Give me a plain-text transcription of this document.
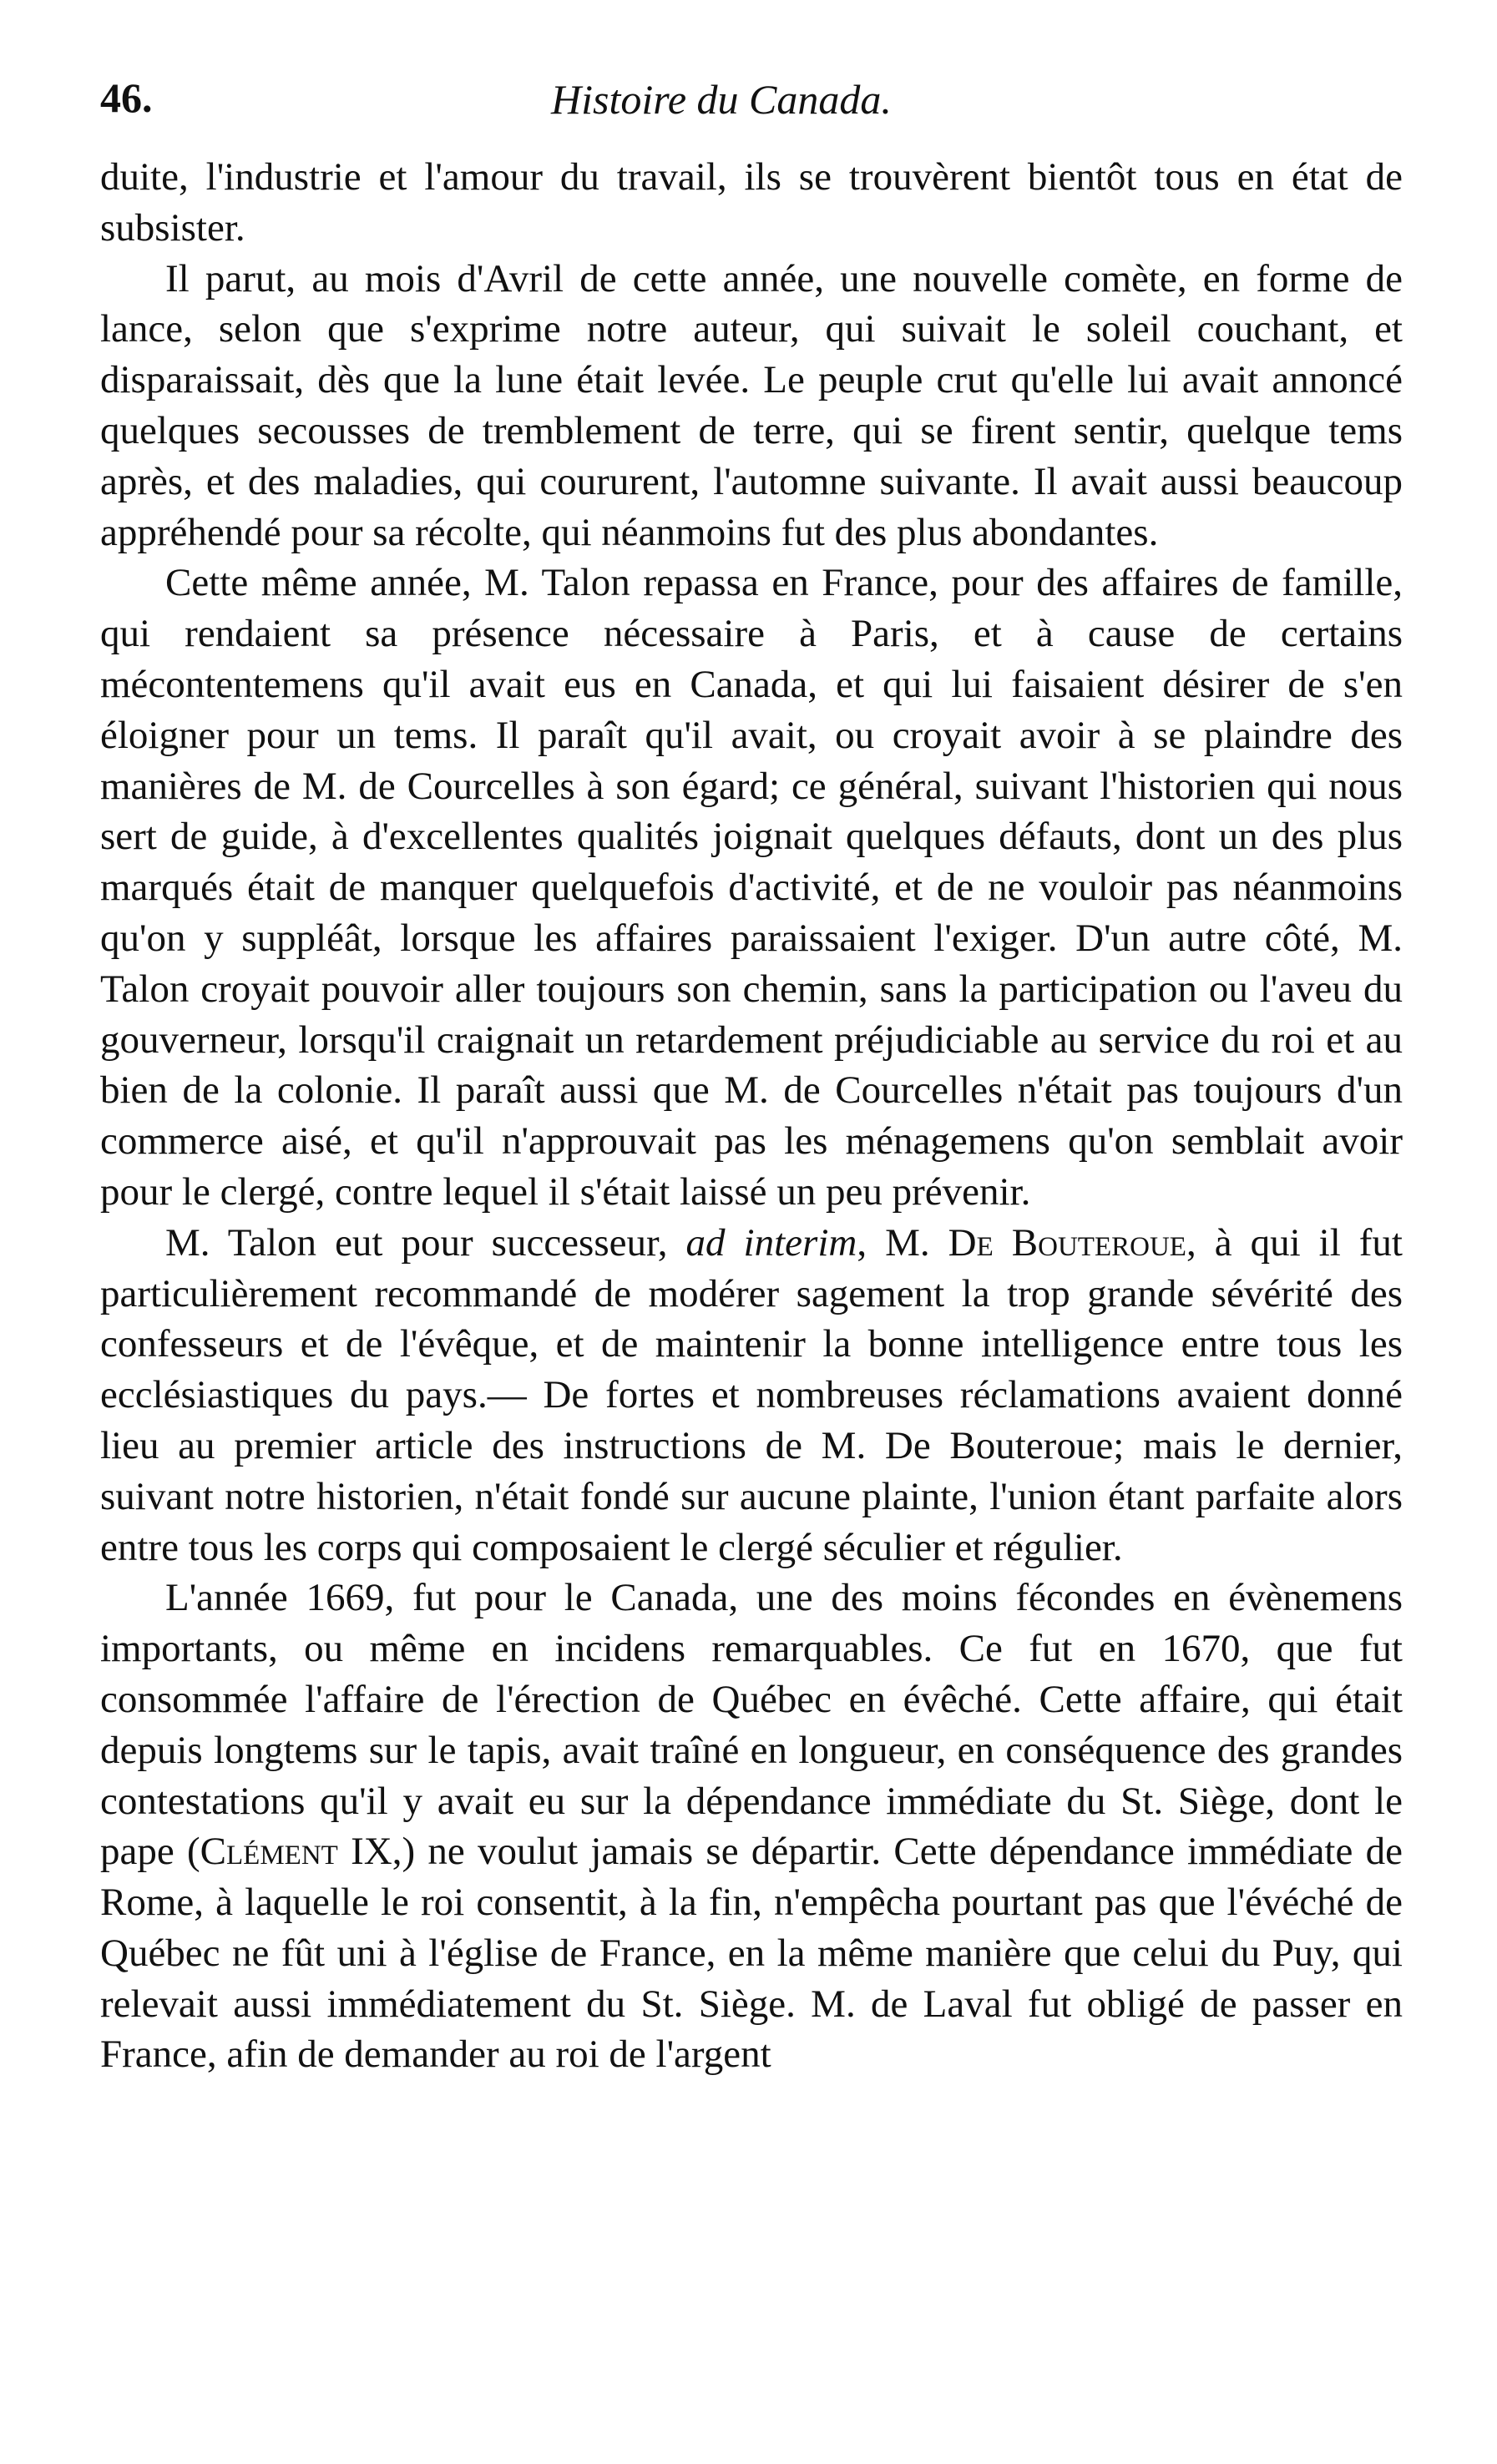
46.	Histoire du Canada.

duite, l'industrie et l'amour du travail, ils se trouvèrent bientôt tous en état de subsister.

Il parut, au mois d'Avril de cette année, une nouvelle comète, en forme de lance, selon que s'exprime notre auteur, qui suivait le soleil couchant, et disparaissait, dès que la lune était levée. Le peuple crut qu'elle lui avait annoncé quelques secousses de tremblement de terre, qui se firent sentir, quelque tems après, et des maladies, qui coururent, l'automne suivante. Il avait aussi beaucoup appréhendé pour sa récolte, qui néanmoins fut des plus abondantes.

Cette même année, M. Talon repassa en France, pour des affaires de famille, qui rendaient sa présence nécessaire à Paris, et à cause de certains mécontentemens qu'il avait eus en Canada, et qui lui faisaient désirer de s'en éloigner pour un tems. Il paraît qu'il avait, ou croyait avoir à se plaindre des manières de M. de Courcelles à son égard; ce général, suivant l'historien qui nous sert de guide, à d'excellentes qualités joignait quelques défauts, dont un des plus marqués était de manquer quelquefois d'activité, et de ne vouloir pas néanmoins qu'on y suppléât, lorsque les affaires paraissaient l'exiger. D'un autre côté, M. Talon croyait pouvoir aller toujours son chemin, sans la participation ou l'aveu du gouverneur, lorsqu'il craignait un retardement préjudiciable au service du roi et au bien de la colonie. Il paraît aussi que M. de Courcelles n'était pas toujours d'un commerce aisé, et qu'il n'approuvait pas les ménagemens qu'on semblait avoir pour le clergé, contre lequel il s'était laissé un peu prévenir.

M. Talon eut pour successeur, ad interim, M. De Bouteroue, à qui il fut particulièrement recommandé de modérer sagement la trop grande sévérité des confesseurs et de l'évêque, et de maintenir la bonne intelligence entre tous les ecclésiastiques du pays.— De fortes et nombreuses réclamations avaient donné lieu au premier article des instructions de M. De Bouteroue; mais le dernier, suivant notre historien, n'était fondé sur aucune plainte, l'union étant parfaite alors entre tous les corps qui composaient le clergé séculier et régulier.

L'année 1669, fut pour le Canada, une des moins fécondes en évènemens importants, ou même en incidens remarquables. Ce fut en 1670, que fut consommée l'affaire de l'érection de Québec en évêché. Cette affaire, qui était depuis longtems sur le tapis, avait traîné en longueur, en conséquence des grandes contestations qu'il y avait eu sur la dépendance immédiate du St. Siège, dont le pape (Clément IX,) ne voulut jamais se départir. Cette dépendance immédiate de Rome, à laquelle le roi consentit, à la fin, n'empêcha pourtant pas que l'évéché de Québec ne fût uni à l'église de France, en la même manière que celui du Puy, qui relevait aussi immédiatement du St. Siège. M. de Laval fut obligé de passer en France, afin de demander au roi de l'argent
